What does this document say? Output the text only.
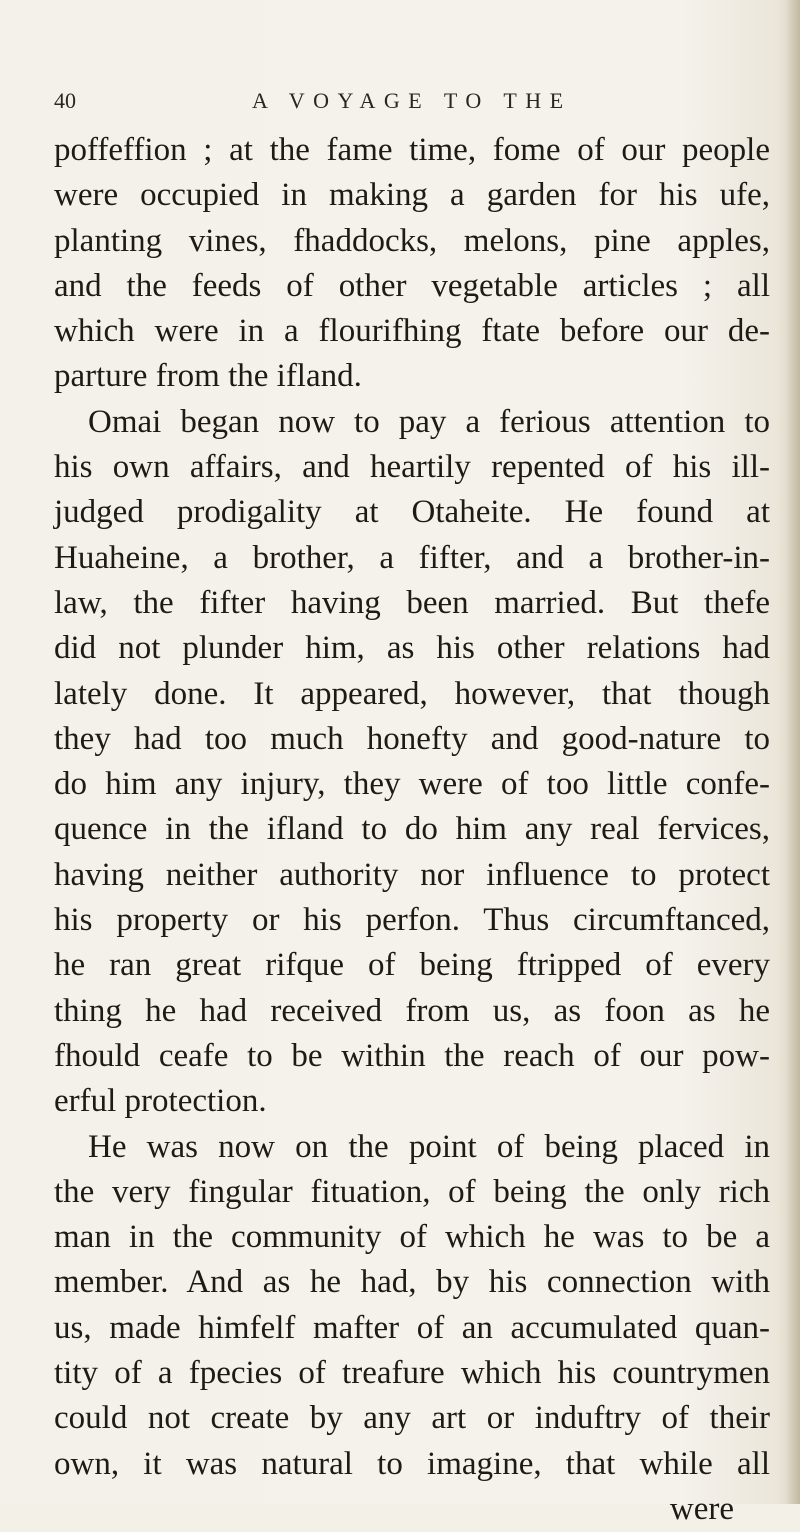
40	A VOYAGE TO THE
poffeffion ; at the fame time, fome of our people
were occupied in making a garden for his ufe,
planting vines, fhaddocks, melons, pine apples,
and the feeds of other vegetable articles ; all
which were in a flourifhing ftate before our de-
parture from the ifland.
Omai began now to pay a ferious attention to
his own affairs, and heartily repented of his ill-
judged prodigality at Otaheite. He found at
Huaheine, a brother, a fifter, and a brother-in-
law, the fifter having been married. But thefe
did not plunder him, as his other relations had
lately done. It appeared, however, that though
they had too much honefty and good-nature to
do him any injury, they were of too little confe-
quence in the ifland to do him any real fervices,
having neither authority nor influence to protect
his property or his perfon. Thus circumftanced,
he ran great rifque of being ftripped of every
thing he had received from us, as foon as he
fhould ceafe to be within the reach of our pow-
erful protection.
He was now on the point of being placed in
the very fingular fituation, of being the only rich
man in the community of which he was to be a
member. And as he had, by his connection with
us, made himfelf mafter of an accumulated quan-
tity of a fpecies of treafure which his countrymen
could not create by any art or induftry of their
own, it was natural to imagine, that while all
were
